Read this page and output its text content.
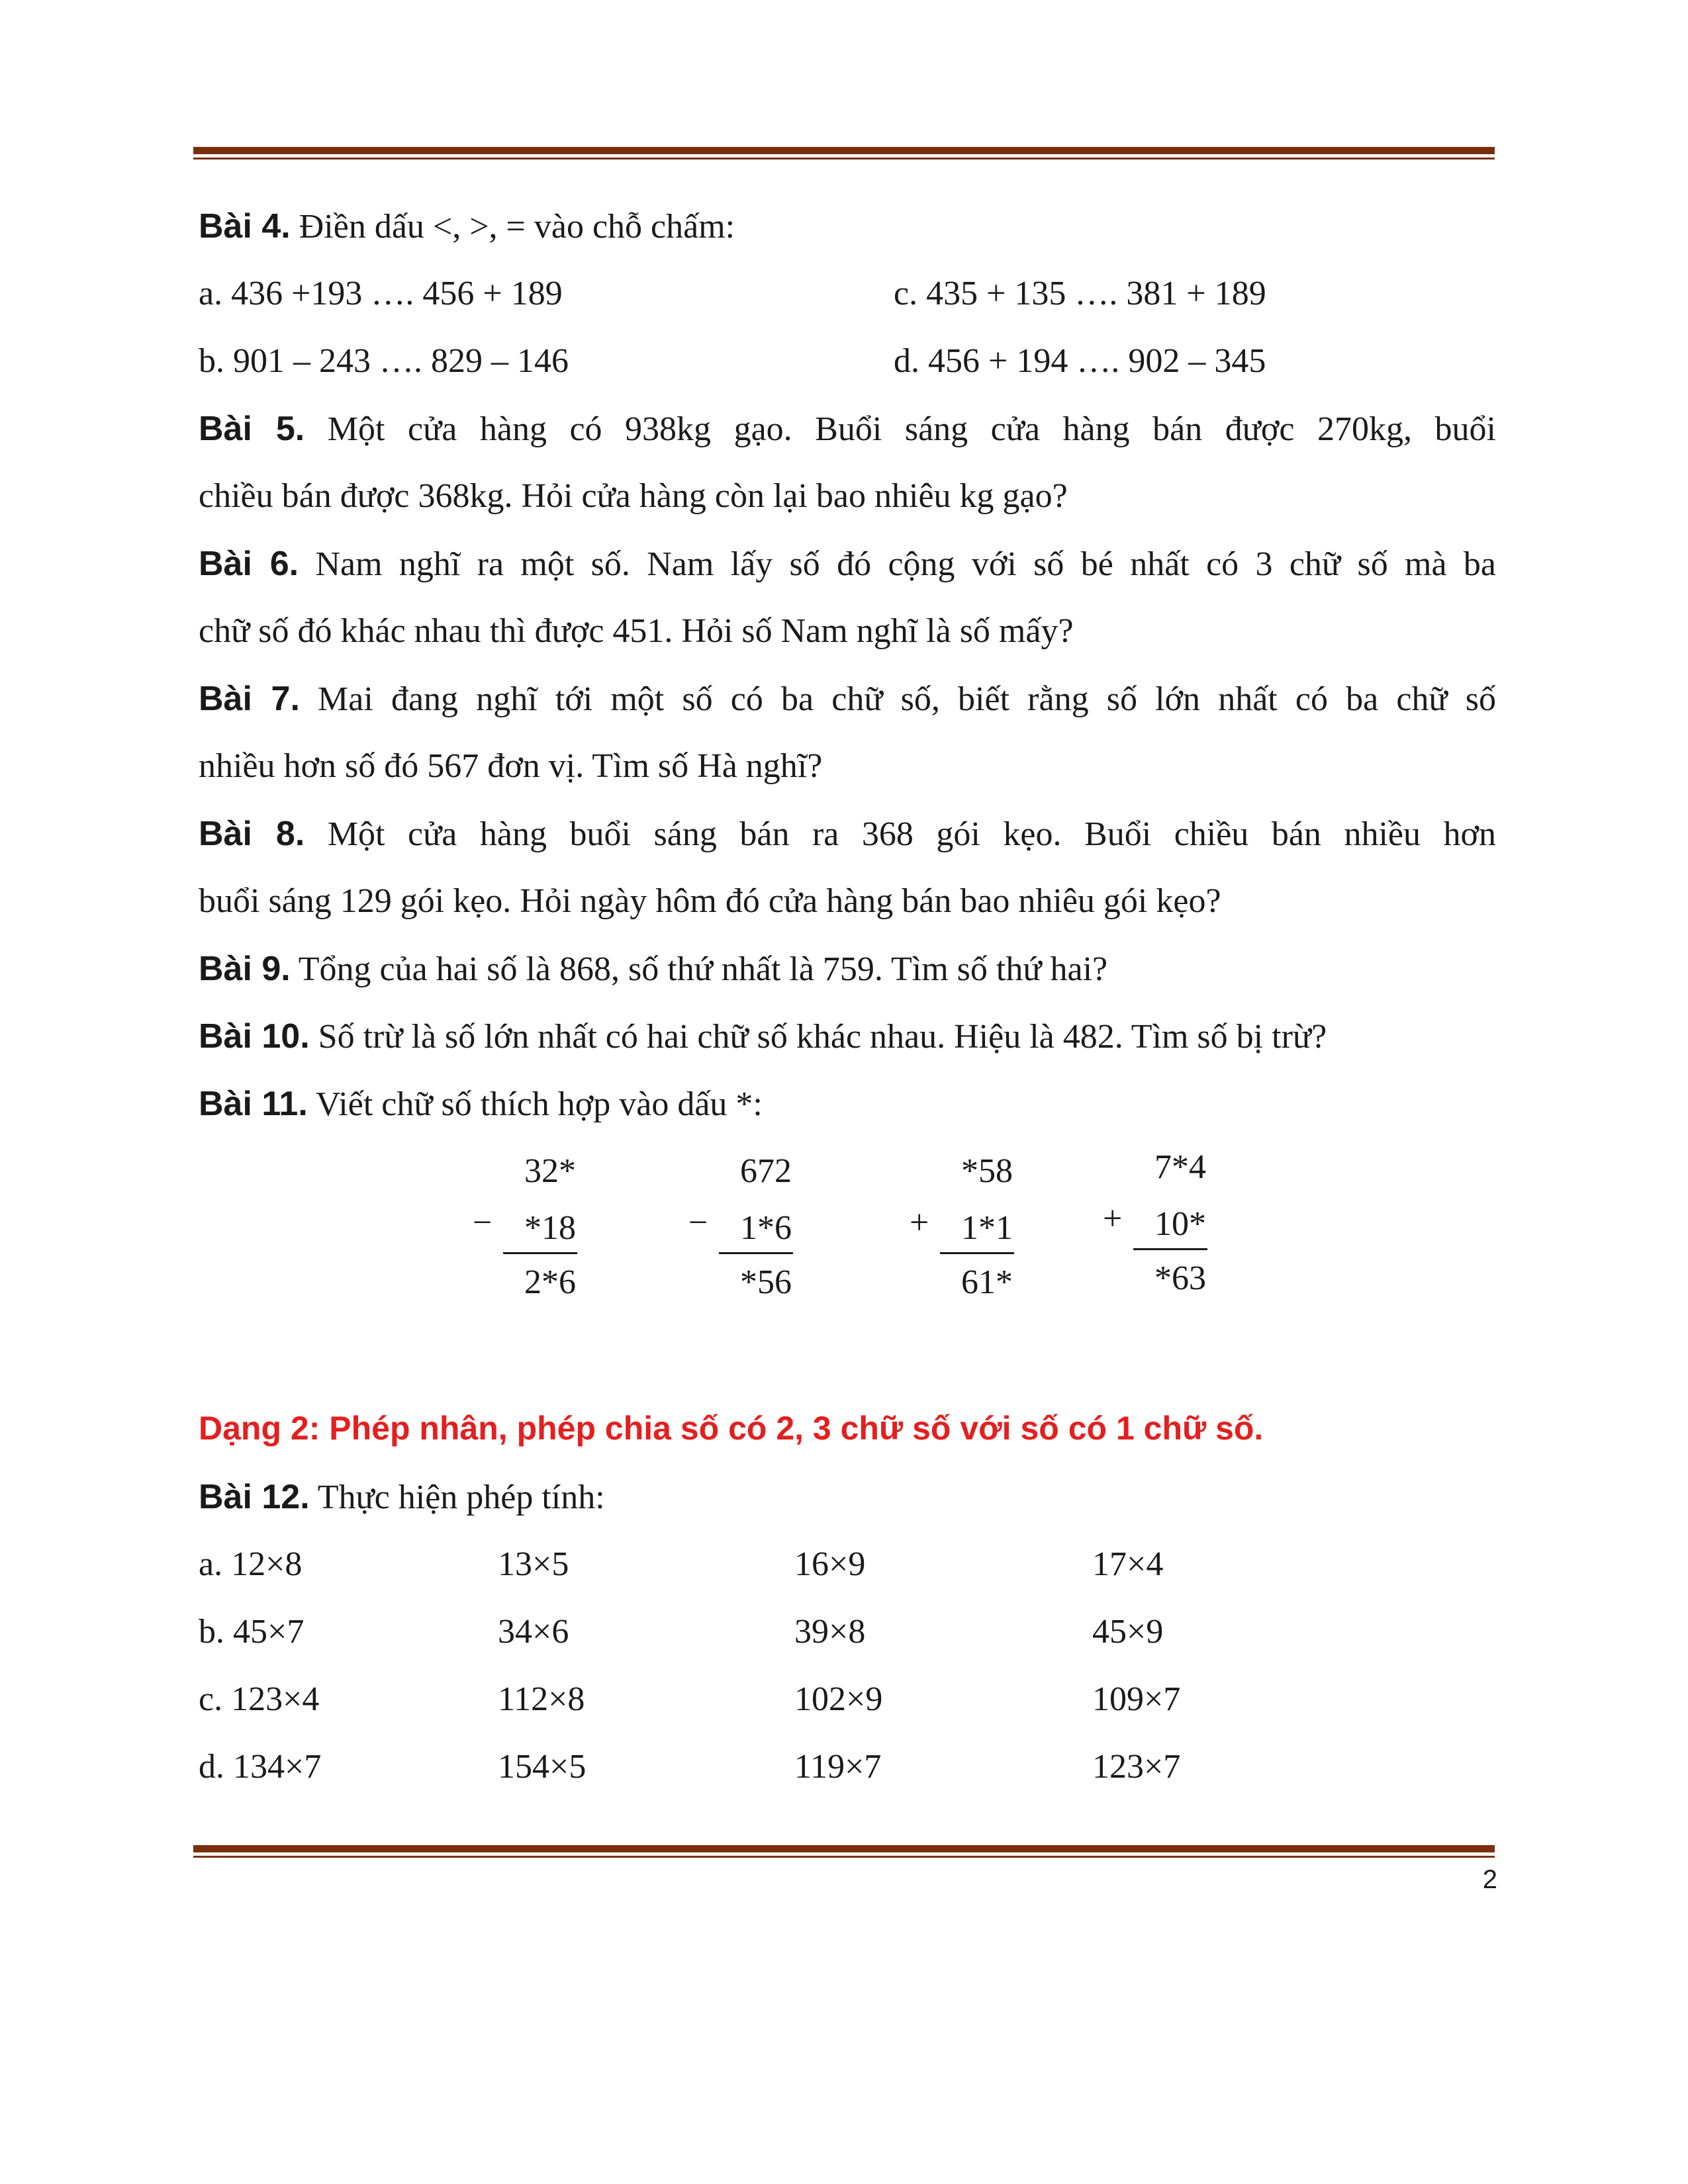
Bài 4. Điền dấu <, >, = vào chỗ chấm:
a. 436 +193 …. 456 + 189	c. 435 + 135 …. 381 + 189
b. 901 – 243 …. 829 – 146	d. 456 + 194 …. 902 – 345
Bài 5. Một cửa hàng có 938kg gạo. Buổi sáng cửa hàng bán được 270kg, buổi
chiều bán được 368kg. Hỏi cửa hàng còn lại bao nhiêu kg gạo?
Bài 6. Nam nghĩ ra một số. Nam lấy số đó cộng với số bé nhất có 3 chữ số mà ba
chữ số đó khác nhau thì được 451. Hỏi số Nam nghĩ là số mấy?
Bài 7. Mai đang nghĩ tới một số có ba chữ số, biết rằng số lớn nhất có ba chữ số
nhiều hơn số đó 567 đơn vị. Tìm số Hà nghĩ?
Bài 8. Một cửa hàng buổi sáng bán ra 368 gói kẹo. Buổi chiều bán nhiều hơn
buổi sáng 129 gói kẹo. Hỏi ngày hôm đó cửa hàng bán bao nhiêu gói kẹo?
Bài 9. Tổng của hai số là 868, số thứ nhất là 759. Tìm số thứ hai?
Bài 10. Số trừ là số lớn nhất có hai chữ số khác nhau. Hiệu là 482. Tìm số bị trừ?
Bài 11. Viết chữ số thích hợp vào dấu *:
32*
− *18
2*6
672
− 1*6
*56
*58
+ 1*1
61*
7*4
+ 10*
*63
Dạng 2: Phép nhân, phép chia số có 2, 3 chữ số với số có 1 chữ số.
Bài 12. Thực hiện phép tính:
a. 12×8	13×5	16×9	17×4
b. 45×7	34×6	39×8	45×9
c. 123×4	112×8	102×9	109×7
d. 134×7	154×5	119×7	123×7
2
